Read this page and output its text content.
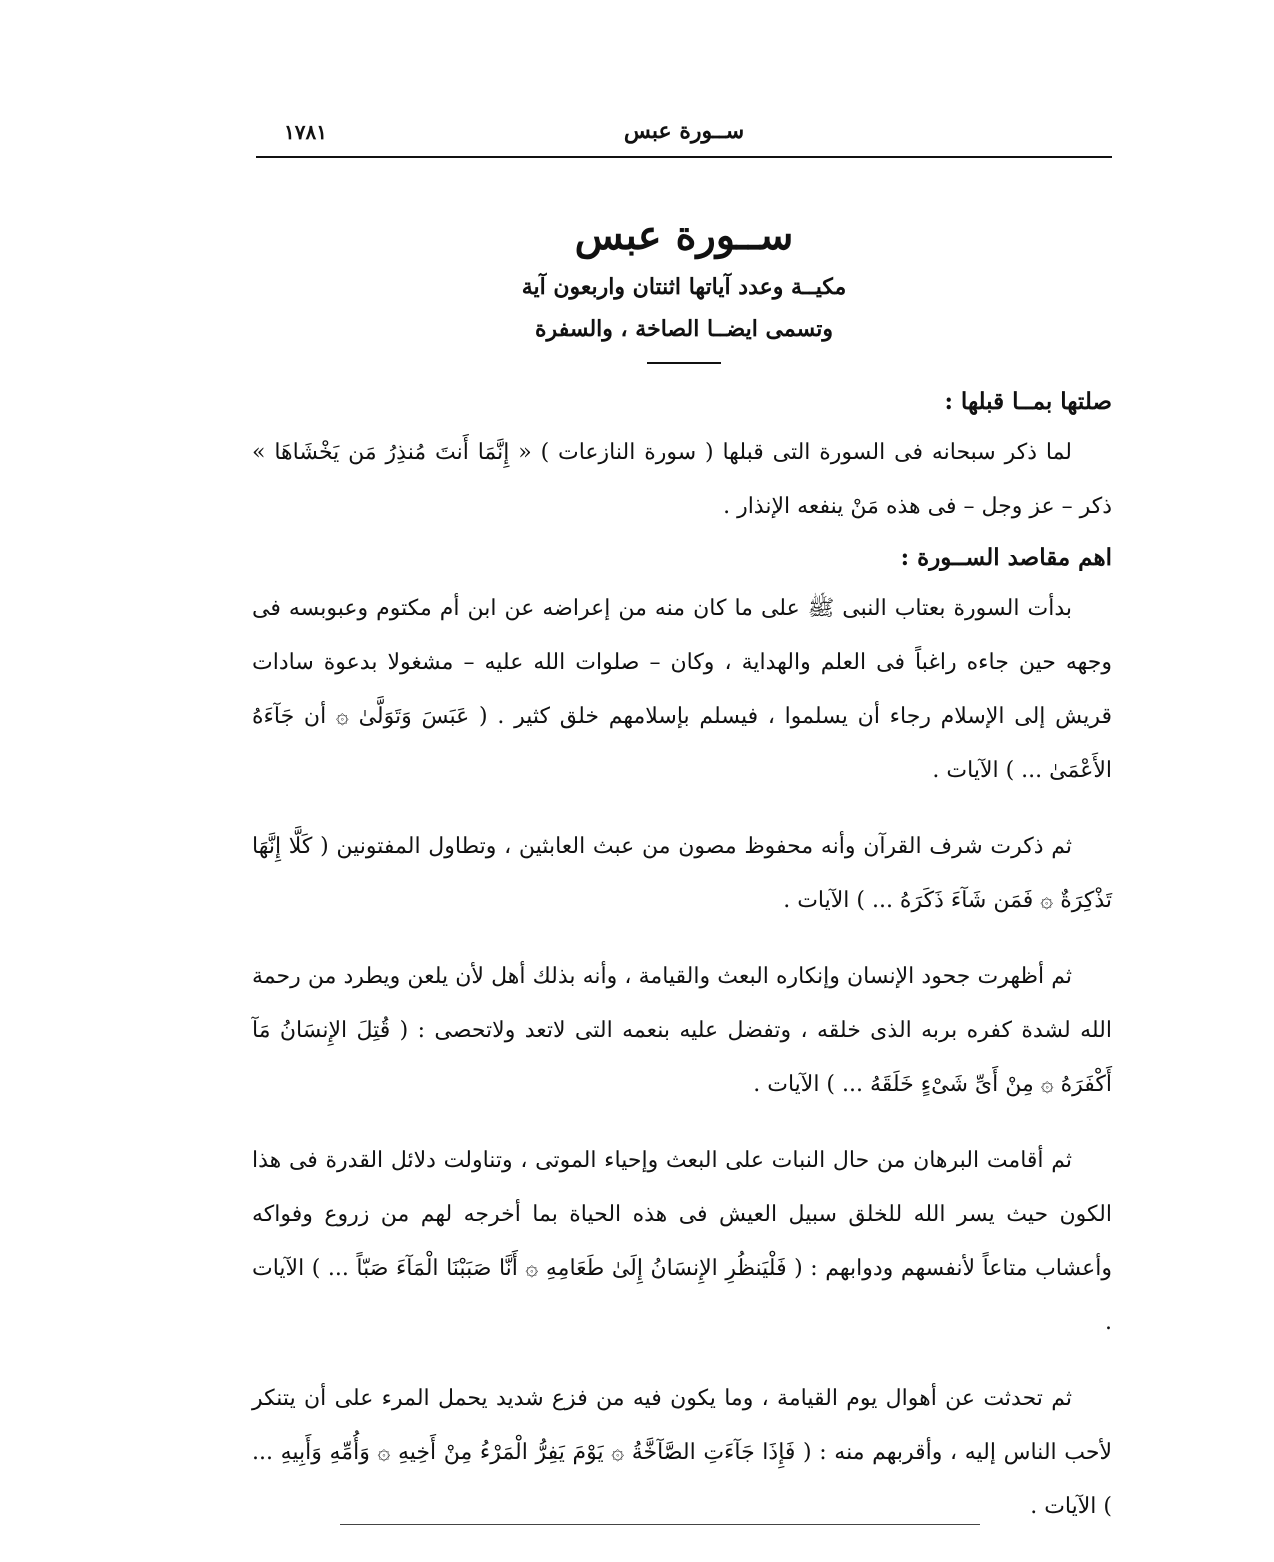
ســورة عبس
١٧٨١
ســورة عبس
مكيــة وعدد آياتها اثنتان واربعون آية
وتسمى ايضــا الصاخة ، والسفرة

صلتها بمــا قبلها :

لما ذكر سبحانه فى السورة التى قبلها ( سورة النازعات ) « إِنَّمَا أَنتَ مُنذِرُ مَن يَخْشَاهَا » ذكر – عز وجل – فى هذه مَنْ ينفعه الإنذار .

اهم مقاصد الســورة :

بدأت السورة بعتاب النبى ﷺ على ما كان منه من إعراضه عن ابن أم مكتوم وعبوبسه فى وجهه حين جاءه راغباً فى العلم والهداية ، وكان – صلوات الله عليه – مشغولا بدعوة سادات قريش إلى الإسلام رجاء أن يسلموا ، فيسلم بإسلامهم خلق كثير . ( عَبَسَ وَتَوَلَّىٰ ۞ أن جَآءَهُ الأَعْمَىٰ ... ) الآيات .

ثم ذكرت شرف القرآن وأنه محفوظ مصون من عبث العابثين ، وتطاول المفتونين ( كَلَّا إِنَّهَا تَذْكِرَةٌ ۞ فَمَن شَآءَ ذَكَرَهُ ... ) الآيات .

ثم أظهرت جحود الإنسان وإنكاره البعث والقيامة ، وأنه بذلك أهل لأن يلعن ويطرد من رحمة الله لشدة كفره بربه الذى خلقه ، وتفضل عليه بنعمه التى لاتعد ولاتحصى : ( قُتِلَ الإِنسَانُ مَآ أَكْفَرَهُ ۞ مِنْ أَىِّ شَىْءٍ خَلَقَهُ ... ) الآيات .

ثم أقامت البرهان من حال النبات على البعث وإحياء الموتى ، وتناولت دلائل القدرة فى هذا الكون حيث يسر الله للخلق سبيل العيش فى هذه الحياة بما أخرجه لهم من زروع وفواكه وأعشاب متاعاً لأنفسهم ودوابهم : ( فَلْيَنظُرِ الإِنسَانُ إِلَىٰ طَعَامِهِ ۞ أَنَّا صَبَبْنَا الْمَآءَ صَبّاً ... ) الآيات .

ثم تحدثت عن أهوال يوم القيامة ، وما يكون فيه من فزع شديد يحمل المرء على أن يتنكر لأحب الناس إليه ، وأقربهم منه : ( فَإِذَا جَآءَتِ الصَّآخَّةُ ۞ يَوْمَ يَفِرُّ الْمَرْءُ مِنْ أَخِيهِ ۞ وَأُمِّهِ وَأَبِيهِ ... ) الآيات .
